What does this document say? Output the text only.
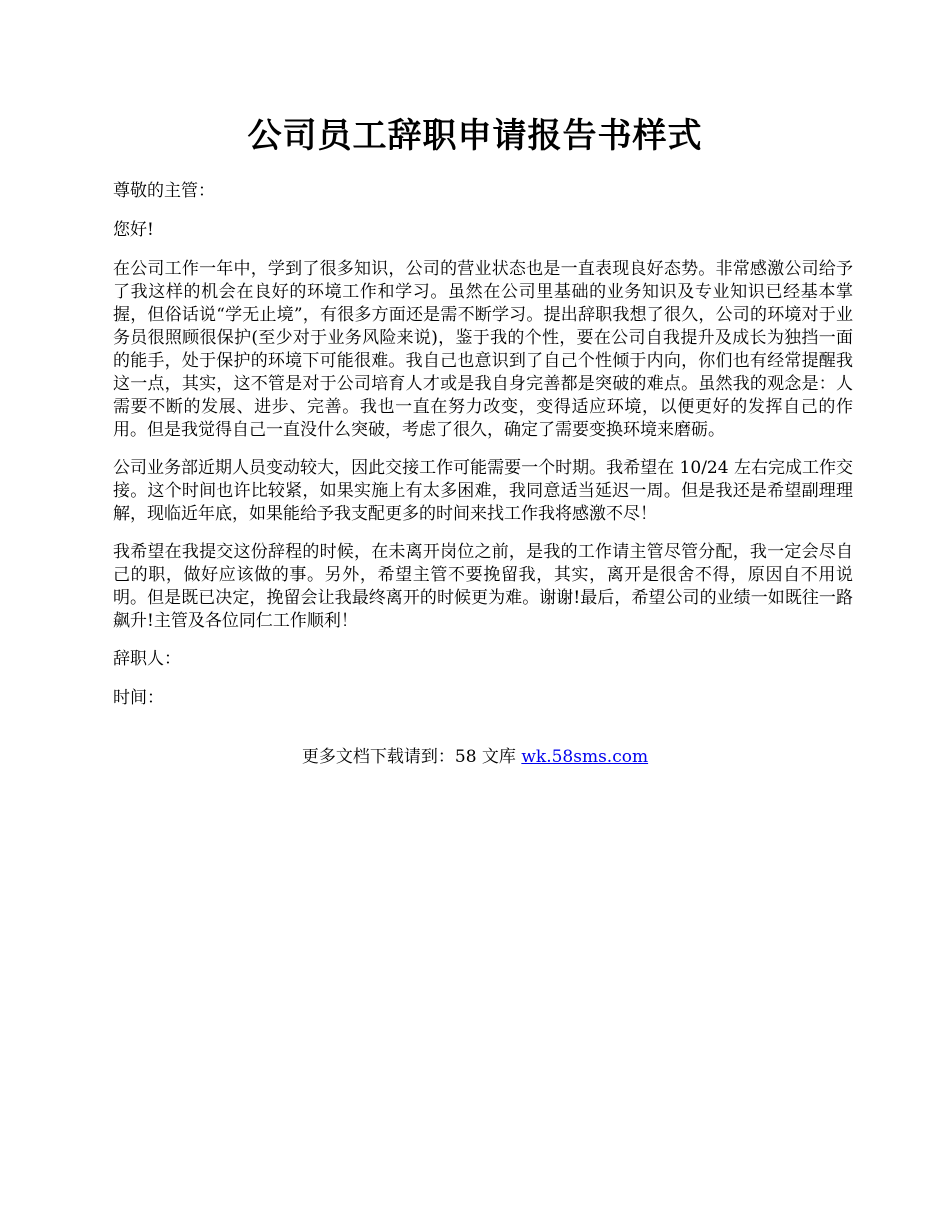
公司员工辞职申请报告书样式

尊敬的主管：

您好!

在公司工作一年中，学到了很多知识，公司的营业状态也是一直表现良好态势。非常感激公司给予了我这样的机会在良好的环境工作和学习。虽然在公司里基础的业务知识及专业知识已经基本掌握，但俗话说“学无止境”，有很多方面还是需不断学习。提出辞职我想了很久，公司的环境对于业务员很照顾很保护(至少对于业务风险来说)，鉴于我的个性，要在公司自我提升及成长为独挡一面的能手，处于保护的环境下可能很难。我自己也意识到了自己个性倾于内向，你们也有经常提醒我这一点，其实，这不管是对于公司培育人才或是我自身完善都是突破的难点。虽然我的观念是：人需要不断的发展、进步、完善。我也一直在努力改变，变得适应环境，以便更好的发挥自己的作用。但是我觉得自己一直没什么突破，考虑了很久，确定了需要变换环境来磨砺。

公司业务部近期人员变动较大，因此交接工作可能需要一个时期。我希望在 10/24 左右完成工作交接。这个时间也许比较紧，如果实施上有太多困难，我同意适当延迟一周。但是我还是希望副理理解，现临近年底，如果能给予我支配更多的时间来找工作我将感激不尽！

我希望在我提交这份辞程的时候，在未离开岗位之前，是我的工作请主管尽管分配，我一定会尽自己的职，做好应该做的事。另外，希望主管不要挽留我，其实，离开是很舍不得，原因自不用说明。但是既已决定，挽留会让我最终离开的时候更为难。谢谢!最后，希望公司的业绩一如既往一路飙升!主管及各位同仁工作顺利！

辞职人：

时间：

更多文档下载请到：58 文库 wk.58sms.com
